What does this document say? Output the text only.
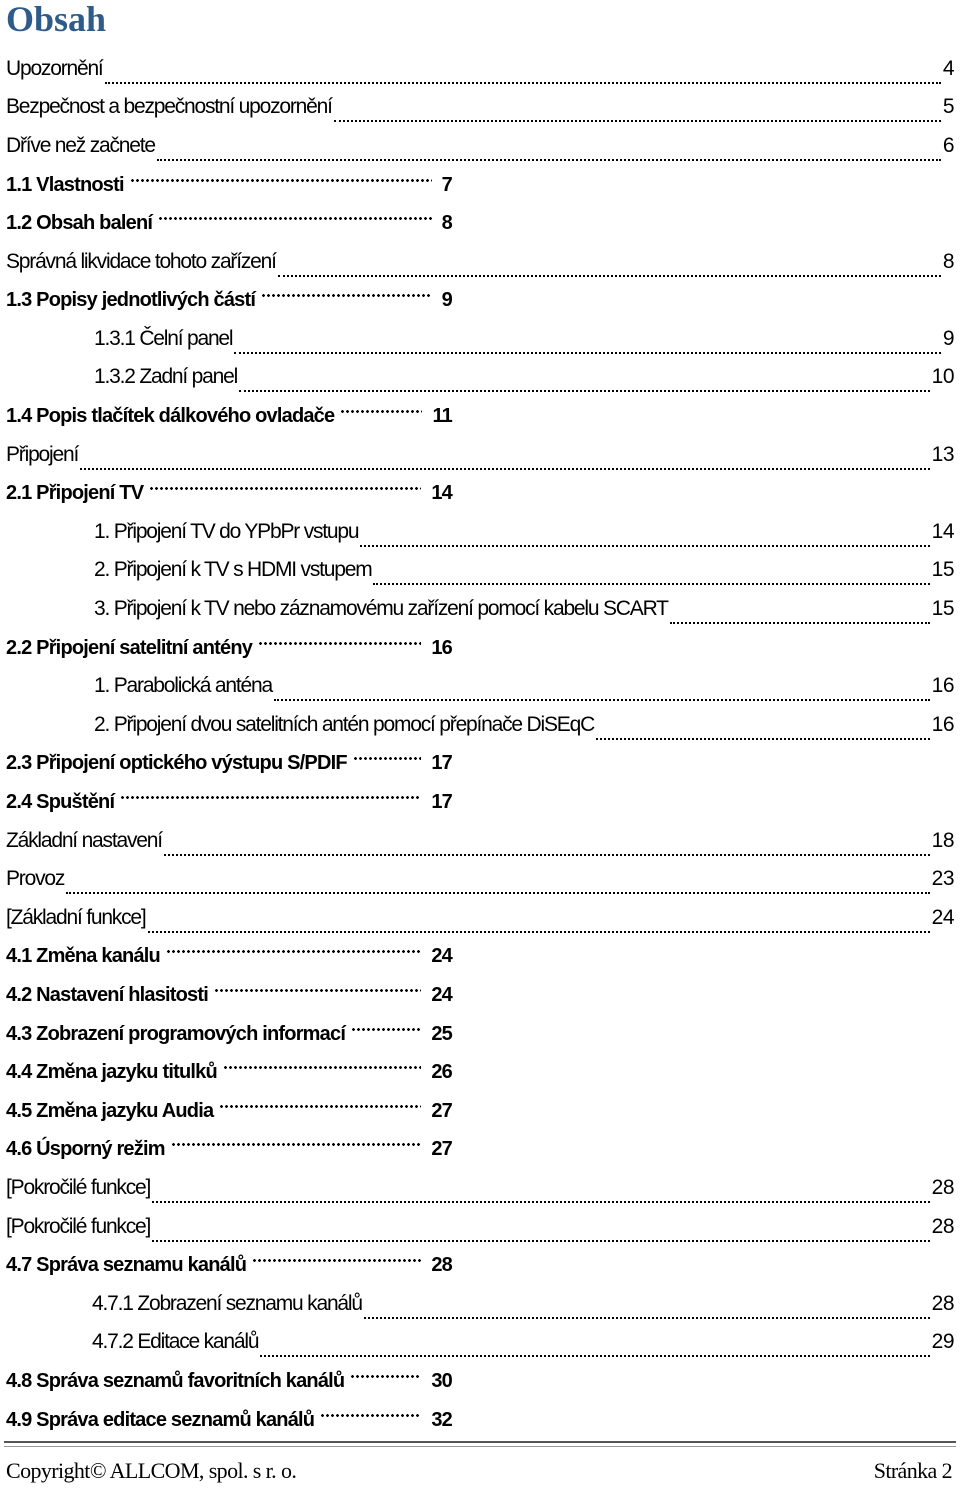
Obsah
Upozornění	4
Bezpečnost a bezpečnostní upozornění	5
Dříve než začnete	6
1.1 Vlastnosti	7
1.2 Obsah balení	8
Správná likvidace tohoto zařízení	8
1.3 Popisy jednotlivých částí	9
1.3.1 Čelní panel	9
1.3.2 Zadní panel	10
1.4 Popis tlačítek dálkového ovladače	11
Připojení	13
2.1 Připojení TV	14
1. Připojení TV do YPbPr vstupu	14
2. Připojení k TV s HDMI vstupem	15
3. Připojení k TV nebo záznamovému zařízení pomocí kabelu SCART	15
2.2 Připojení satelitní antény	16
1. Parabolická anténa	16
2. Připojení dvou satelitních antén pomocí přepínače DiSEqC	16
2.3 Připojení optického výstupu S/PDIF	17
2.4 Spuštění	17
Základní nastavení	18
Provoz	23
[Základní funkce]	24
4.1 Změna kanálu	24
4.2 Nastavení hlasitosti	24
4.3 Zobrazení programových informací	25
4.4 Změna jazyku titulků	26
4.5 Změna jazyku Audia	27
4.6 Úsporný režim	27
[Pokročilé funkce]	28
[Pokročilé funkce]	28
4.7 Správa seznamu kanálů	28
4.7.1 Zobrazení seznamu kanálů	28
4.7.2 Editace kanálů	29
4.8 Správa seznamů favoritních kanálů	30
4.9 Správa editace seznamů kanálů	32
Copyright© ALLCOM, spol. s r. o.	Stránka 2
